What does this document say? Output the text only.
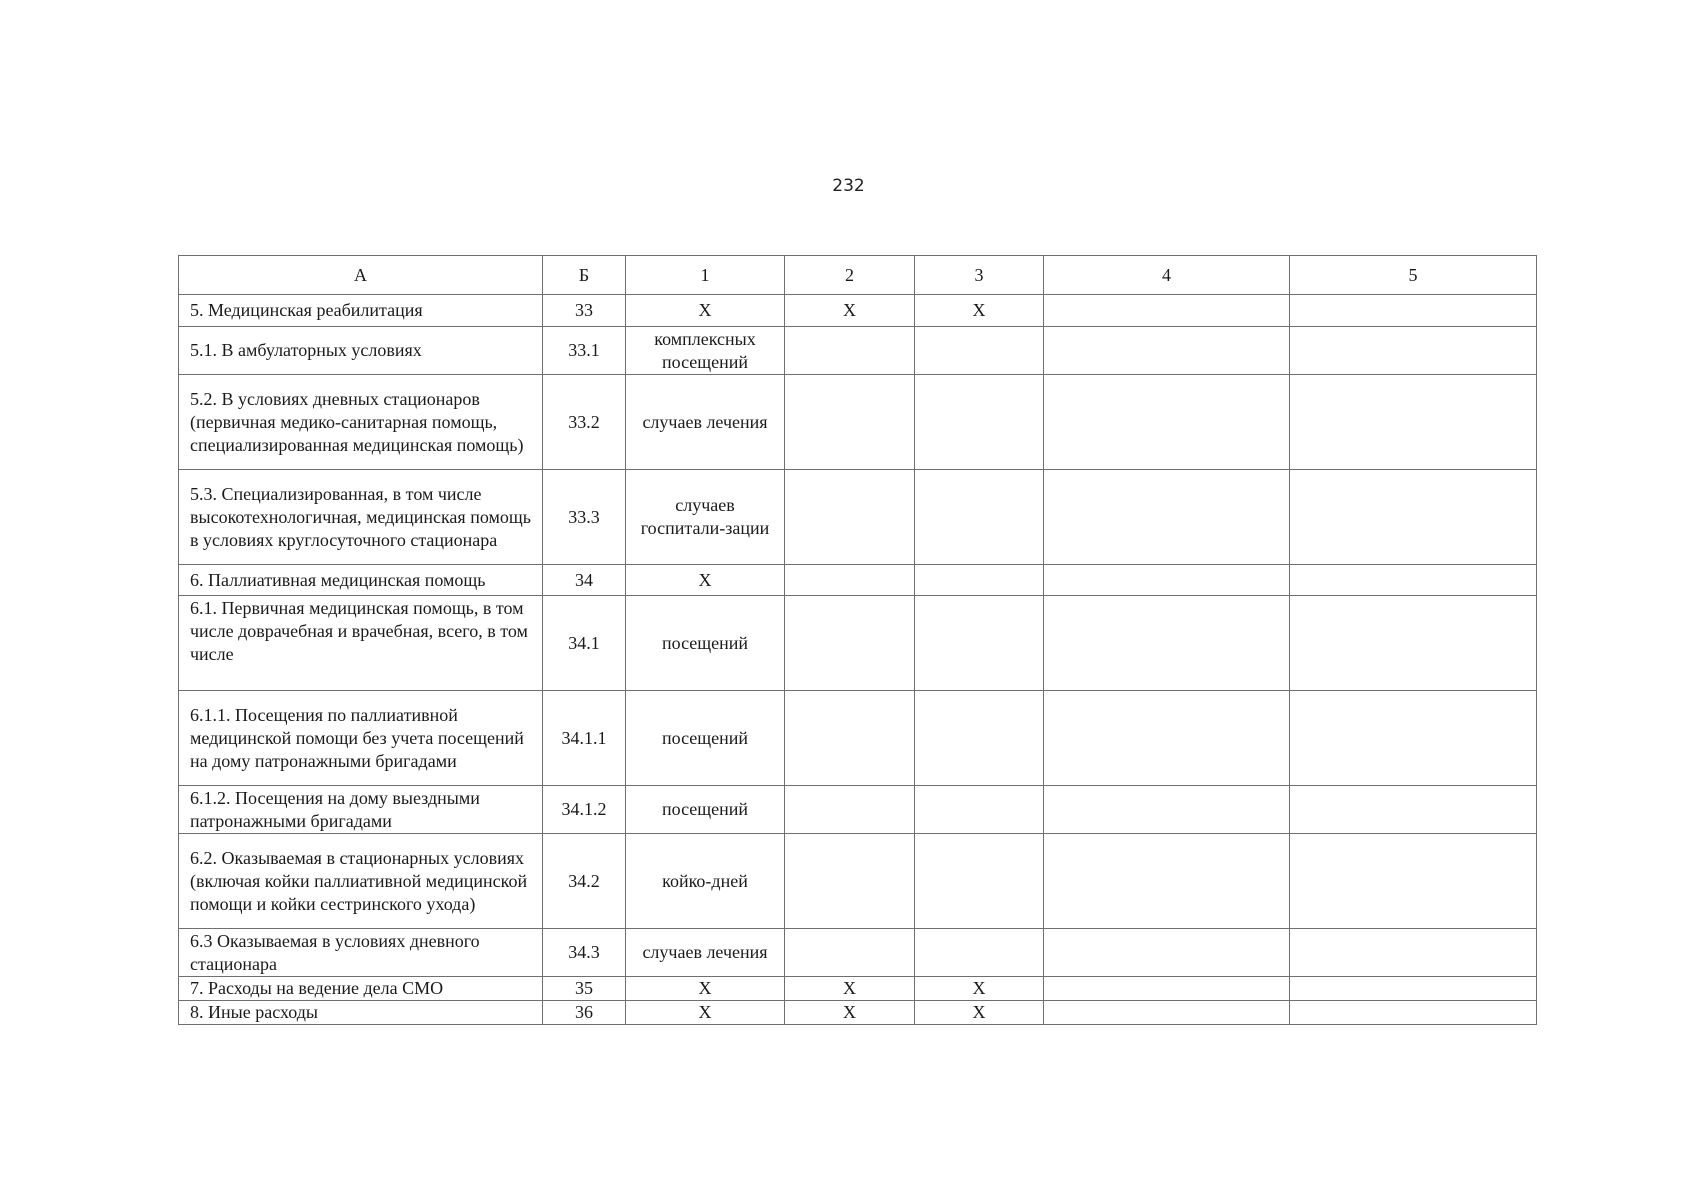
232
А	Б	1	2	3	4	5
5. Медицинская реабилитация	33	Х	Х	Х		
5.1. В амбулаторных условиях	33.1	комплексных посещений				
5.2. В условиях дневных стационаров (первичная медико-санитарная помощь, специализированная медицинская помощь)	33.2	случаев лечения				
5.3. Специализированная, в том числе высокотехнологичная, медицинская помощь в условиях круглосуточного стационара	33.3	случаев госпитали-зации				
6. Паллиативная медицинская помощь	34	Х				
6.1. Первичная медицинская помощь, в том числе доврачебная и врачебная, всего, в том числе	34.1	посещений				
6.1.1. Посещения по паллиативной медицинской помощи без учета посещений на дому патронажными бригадами	34.1.1	посещений				
6.1.2. Посещения на дому выездными патронажными бригадами	34.1.2	посещений				
6.2. Оказываемая в стационарных условиях (включая койки паллиативной медицинской помощи и койки сестринского ухода)	34.2	койко-дней				
6.3 Оказываемая в условиях дневного стационара	34.3	случаев лечения				
7. Расходы на ведение дела СМО	35	Х	Х	Х		
8. Иные расходы	36	Х	Х	Х		
